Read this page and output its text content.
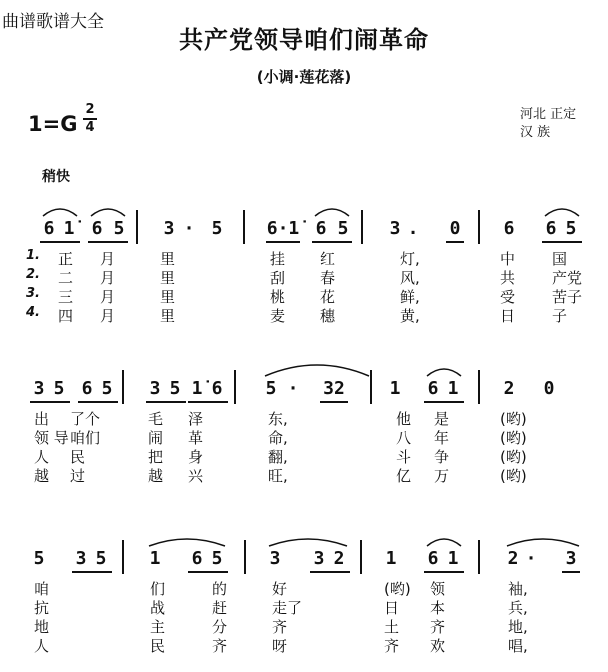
曲谱歌谱大全
共产党领导咱们闹革命
(小调·莲花落)
1=G
2
4
河北 正定
汉 族
稍快
6 1̇ 6 5 3 · 5 6·1̇ 6 5 3 . 0 6 6 5
1.
2.
3.
4.
正 月	里	挂 红	灯,	中 国
二 月	里	刮 春	风,	共 产党
三 月	里	桃 花	鲜,	受 苦子
四 月	里	麦 穗	黄,	日 子
3 5 6 5 3 5 1̇ 6 5 · 32 1 6 1	2 0
出 了个	毛 泽	东,	他 是	(哟)
领 导 咱们	闹 革	命,	八 年	(哟)
人 民	把 身	翻,	斗 争	(哟)
越 过	越 兴	旺,	亿 万	(哟)
5 3 5 1 6 5	3 3 2 1 6 1	2 · 3
咱	们	的	好	(哟) 领	袖,
抗	战	赶	走了	日 本	兵,
地	主	分	齐	土 齐	地,
人	民	齐	呀	齐 欢	唱,
